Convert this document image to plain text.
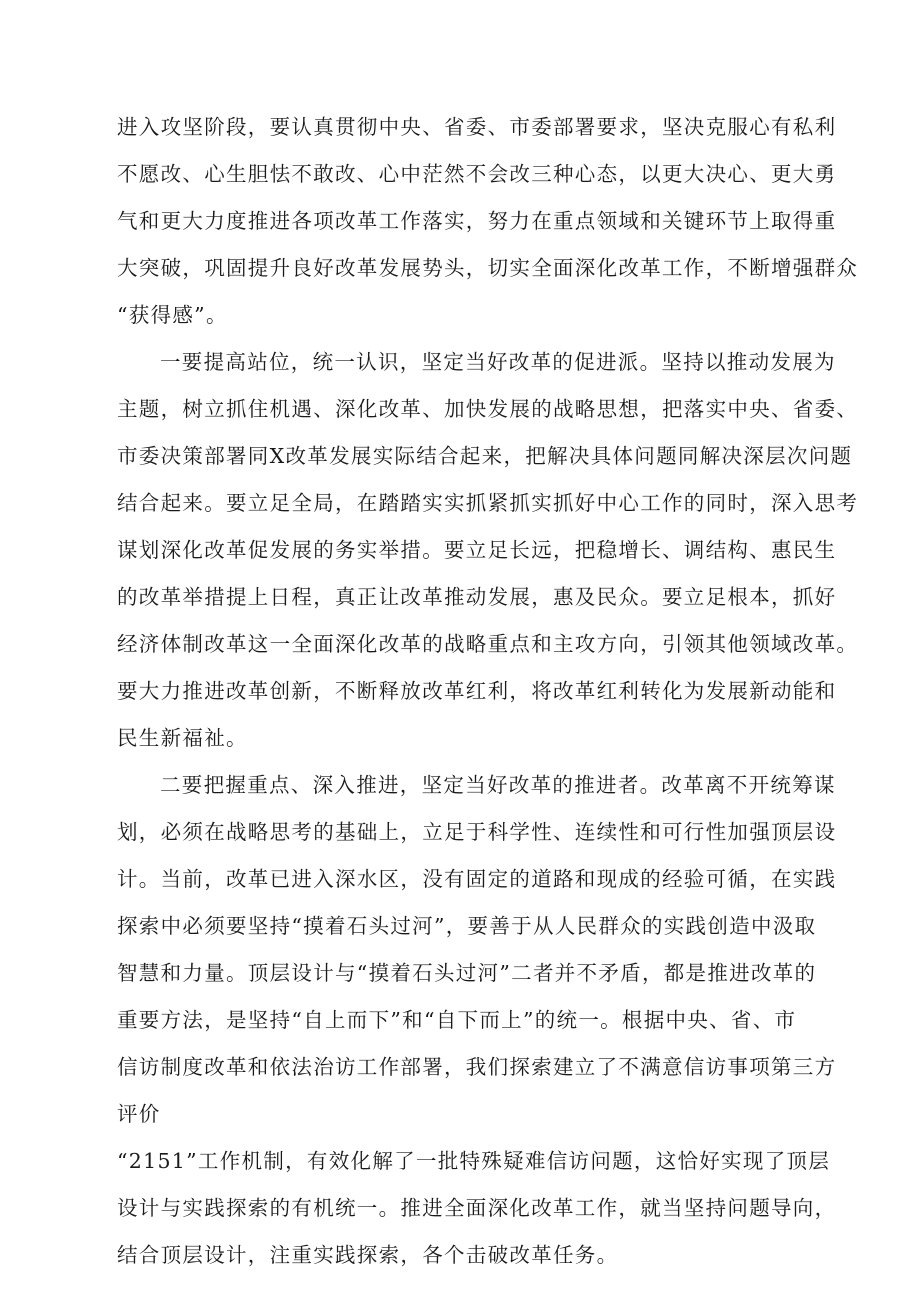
进入攻坚阶段，要认真贯彻中央、省委、市委部署要求，坚决克服心有私利
不愿改、心生胆怯不敢改、心中茫然不会改三种心态，以更大决心、更大勇
气和更大力度推进各项改革工作落实，努力在重点领域和关键环节上取得重
大突破，巩固提升良好改革发展势头，切实全面深化改革工作，不断增强群众
“获得感”。
一要提高站位，统一认识，坚定当好改革的促进派。坚持以推动发展为
主题，树立抓住机遇、深化改革、加快发展的战略思想，把落实中央、省委、
市委决策部署同X改革发展实际结合起来，把解决具体问题同解决深层次问题
结合起来。要立足全局，在踏踏实实抓紧抓实抓好中心工作的同时，深入思考
谋划深化改革促发展的务实举措。要立足长远，把稳增长、调结构、惠民生
的改革举措提上日程，真正让改革推动发展，惠及民众。要立足根本，抓好
经济体制改革这一全面深化改革的战略重点和主攻方向，引领其他领域改革。
要大力推进改革创新，不断释放改革红利，将改革红利转化为发展新动能和
民生新福祉。
二要把握重点、深入推进，坚定当好改革的推进者。改革离不开统筹谋
划，必须在战略思考的基础上，立足于科学性、连续性和可行性加强顶层设
计。当前，改革已进入深水区，没有固定的道路和现成的经验可循，在实践
探索中必须要坚持“摸着石头过河”，要善于从人民群众的实践创造中汲取
智慧和力量。顶层设计与“摸着石头过河”二者并不矛盾，都是推进改革的
重要方法，是坚持“自上而下”和“自下而上”的统一。根据中央、省、市
信访制度改革和依法治访工作部署，我们探索建立了不满意信访事项第三方
评价
“2151”工作机制，有效化解了一批特殊疑难信访问题，这恰好实现了顶层
设计与实践探索的有机统一。推进全面深化改革工作，就当坚持问题导向，
结合顶层设计，注重实践探索，各个击破改革任务。
